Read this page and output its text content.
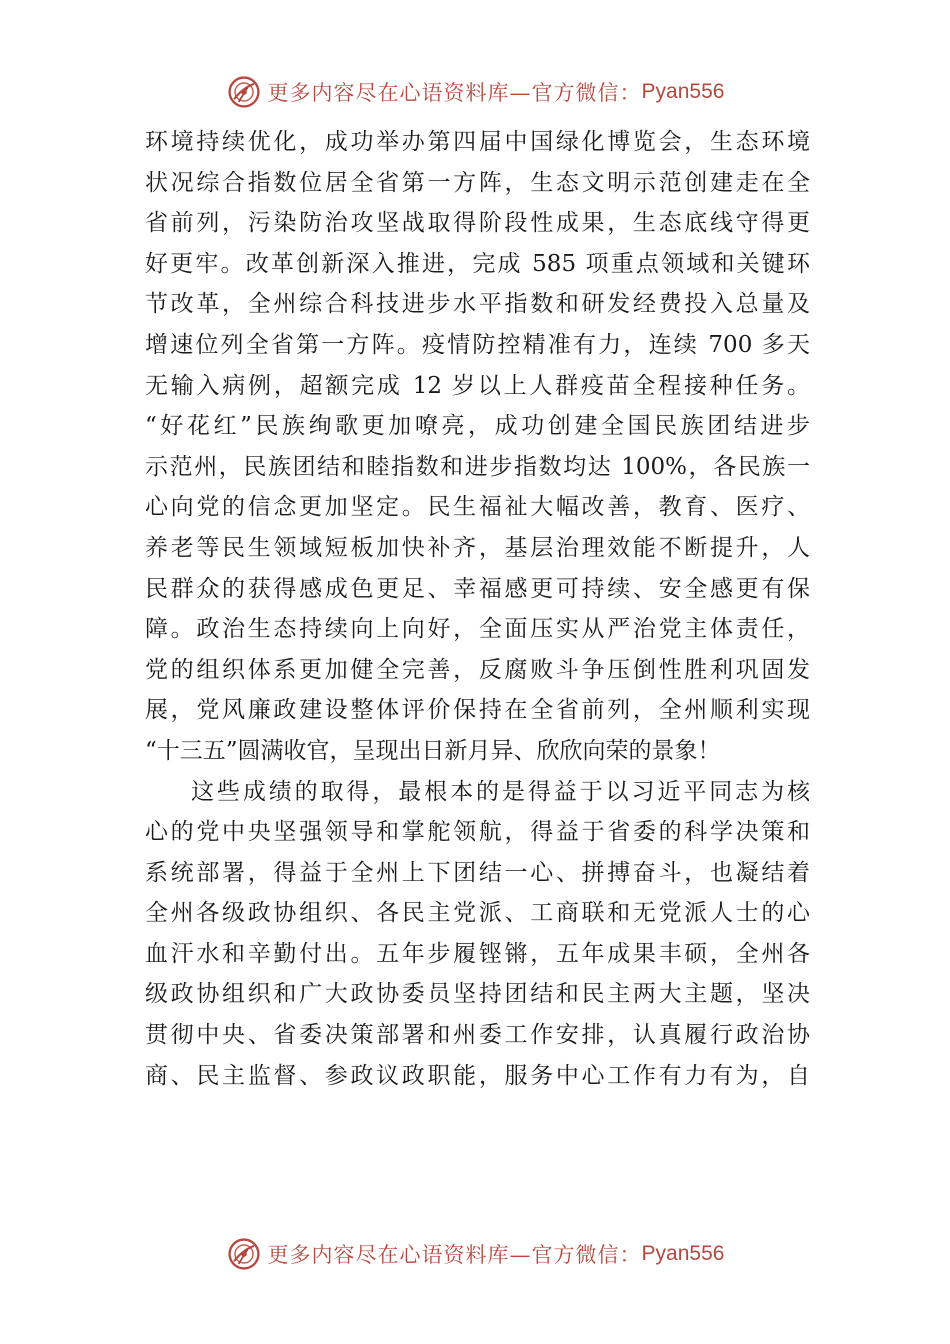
更多内容尽在心语资料库—官方微信： Pyan556
环境持续优化，成功举办第四届中国绿化博览会，生态环境
状况综合指数位居全省第一方阵，生态文明示范创建走在全
省前列，污染防治攻坚战取得阶段性成果，生态底线守得更
好更牢。改革创新深入推进，完成 585 项重点领域和关键环
节改革，全州综合科技进步水平指数和研发经费投入总量及
增速位列全省第一方阵。疫情防控精准有力，连续 700 多天
无输入病例，超额完成 12 岁以上人群疫苗全程接种任务。
“好花红”民族绚歌更加嘹亮，成功创建全国民族团结进步
示范州，民族团结和睦指数和进步指数均达 100%，各民族一
心向党的信念更加坚定。民生福祉大幅改善，教育、医疗、
养老等民生领域短板加快补齐，基层治理效能不断提升，人
民群众的获得感成色更足、幸福感更可持续、安全感更有保
障。政治生态持续向上向好，全面压实从严治党主体责任，
党的组织体系更加健全完善，反腐败斗争压倒性胜利巩固发
展，党风廉政建设整体评价保持在全省前列，全州顺利实现
“十三五”圆满收官，呈现出日新月异、欣欣向荣的景象！
这些成绩的取得，最根本的是得益于以习近平同志为核
心的党中央坚强领导和掌舵领航，得益于省委的科学决策和
系统部署，得益于全州上下团结一心、拼搏奋斗，也凝结着
全州各级政协组织、各民主党派、工商联和无党派人士的心
血汗水和辛勤付出。五年步履铿锵，五年成果丰硕，全州各
级政协组织和广大政协委员坚持团结和民主两大主题，坚决
贯彻中央、省委决策部署和州委工作安排，认真履行政治协
商、民主监督、参政议政职能，服务中心工作有力有为，自
更多内容尽在心语资料库—官方微信： Pyan556
